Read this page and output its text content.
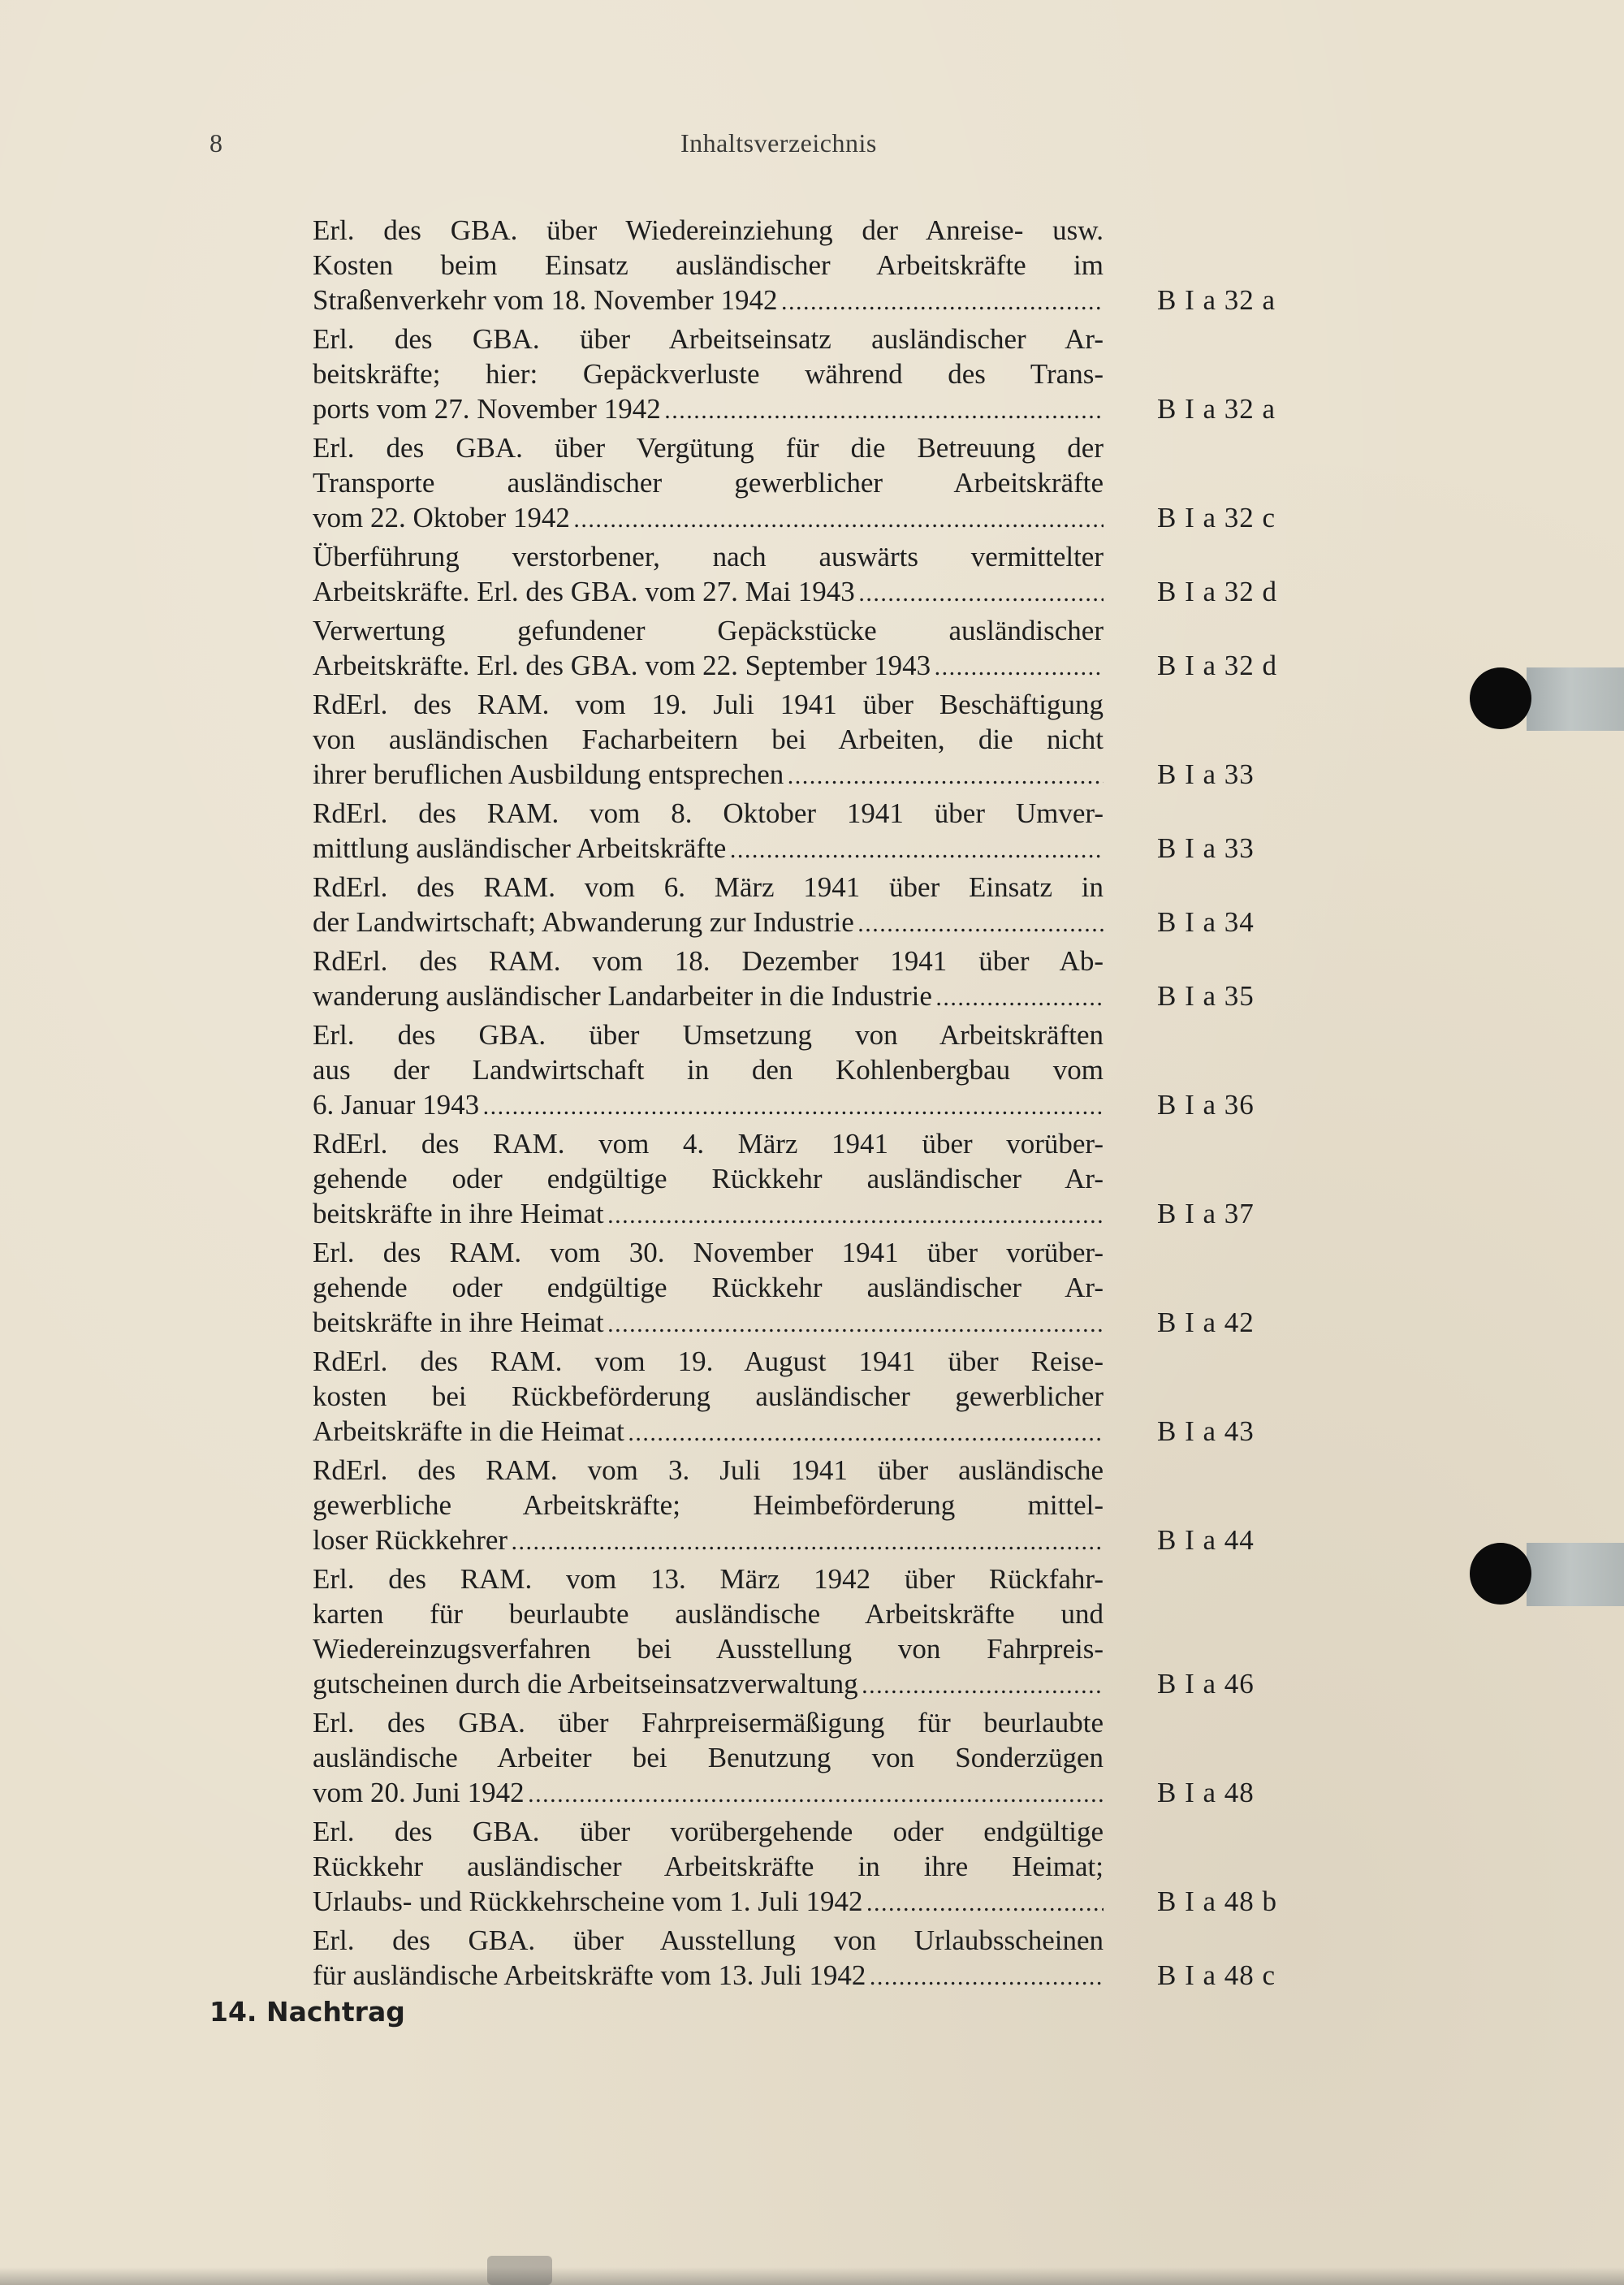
8	Inhaltsverzeichnis
Erl. des GBA. über Wiedereinziehung der Anreise- usw.
Kosten beim Einsatz ausländischer Arbeitskräfte im
Straßenverkehr vom 18. November 1942 . . .	B I a 32 a
Erl. des GBA. über Arbeitseinsatz ausländischer Ar-
beitskräfte; hier: Gepäckverluste während des Trans-
ports vom 27. November 1942 . . .	B I a 32 a
Erl. des GBA. über Vergütung für die Betreuung der
Transporte ausländischer gewerblicher Arbeitskräfte
vom 22. Oktober 1942 . . .	B I a 32 c
Überführung verstorbener, nach auswärts vermittelter
Arbeitskräfte. Erl. des GBA. vom 27. Mai 1943 . . .	B I a 32 d
Verwertung gefundener Gepäckstücke ausländischer
Arbeitskräfte. Erl. des GBA. vom 22. September 1943 . . .	B I a 32 d
RdErl. des RAM. vom 19. Juli 1941 über Beschäftigung
von ausländischen Facharbeitern bei Arbeiten, die nicht
ihrer beruflichen Ausbildung entsprechen . . .	B I a 33
RdErl. des RAM. vom 8. Oktober 1941 über Umver-
mittlung ausländischer Arbeitskräfte . . .	B I a 33
RdErl. des RAM. vom 6. März 1941 über Einsatz in
der Landwirtschaft; Abwanderung zur Industrie . . .	B I a 34
RdErl. des RAM. vom 18. Dezember 1941 über Ab-
wanderung ausländischer Landarbeiter in die Industrie . . .	B I a 35
Erl. des GBA. über Umsetzung von Arbeitskräften
aus der Landwirtschaft in den Kohlenbergbau vom
6. Januar 1943 . . .	B I a 36
RdErl. des RAM. vom 4. März 1941 über vorüber-
gehende oder endgültige Rückkehr ausländischer Ar-
beitskräfte in ihre Heimat . . .	B I a 37
Erl. des RAM. vom 30. November 1941 über vorüber-
gehende oder endgültige Rückkehr ausländischer Ar-
beitskräfte in ihre Heimat . . .	B I a 42
RdErl. des RAM. vom 19. August 1941 über Reise-
kosten bei Rückbeförderung ausländischer gewerblicher
Arbeitskräfte in die Heimat . . .	B I a 43
RdErl. des RAM. vom 3. Juli 1941 über ausländische
gewerbliche Arbeitskräfte; Heimbeförderung mittel-
loser Rückkehrer . . .	B I a 44
Erl. des RAM. vom 13. März 1942 über Rückfahr-
karten für beurlaubte ausländische Arbeitskräfte und
Wiedereinzugsverfahren bei Ausstellung von Fahrpreis-
gutscheinen durch die Arbeitseinsatzverwaltung . . .	B I a 46
Erl. des GBA. über Fahrpreisermäßigung für beurlaubte
ausländische Arbeiter bei Benutzung von Sonderzügen
vom 20. Juni 1942 . . .	B I a 48
Erl. des GBA. über vorübergehende oder endgültige
Rückkehr ausländischer Arbeitskräfte in ihre Heimat;
Urlaubs- und Rückkehrscheine vom 1. Juli 1942 . . .	B I a 48 b
Erl. des GBA. über Ausstellung von Urlaubsscheinen
für ausländische Arbeitskräfte vom 13. Juli 1942 . . .	B I a 48 c
14. Nachtrag
